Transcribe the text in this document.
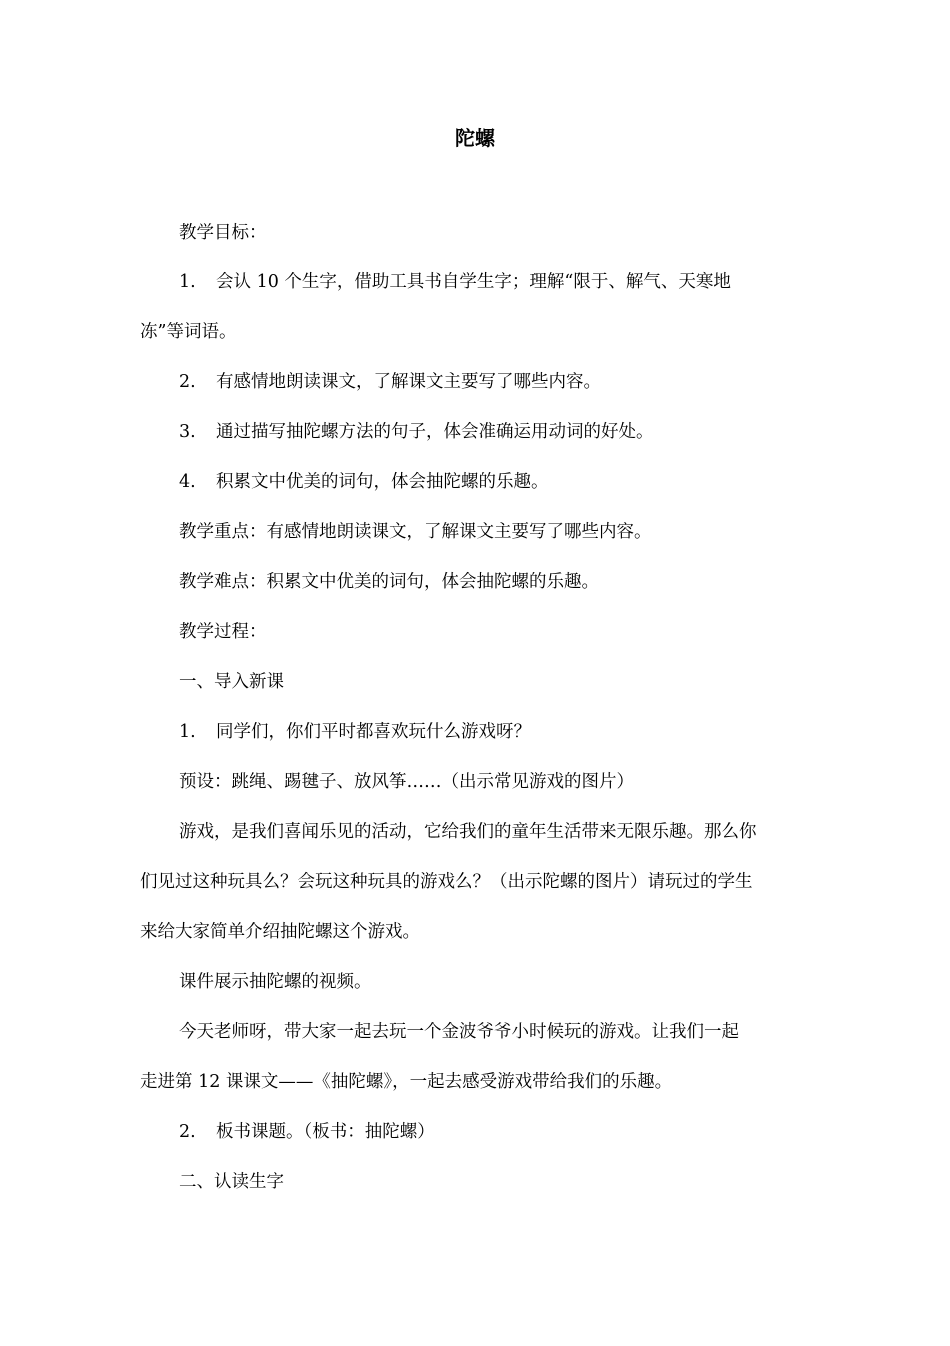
陀螺
教学目标：
1. 会认 10 个生字，借助工具书自学生字；理解“限于、解气、天寒地
冻”等词语。
2. 有感情地朗读课文，了解课文主要写了哪些内容。
3. 通过描写抽陀螺方法的句子，体会准确运用动词的好处。
4. 积累文中优美的词句，体会抽陀螺的乐趣。
教学重点：有感情地朗读课文，了解课文主要写了哪些内容。
教学难点：积累文中优美的词句，体会抽陀螺的乐趣。
教学过程：
一、导入新课
1. 同学们，你们平时都喜欢玩什么游戏呀？
预设：跳绳、踢毽子、放风筝……（出示常见游戏的图片）
游戏，是我们喜闻乐见的活动，它给我们的童年生活带来无限乐趣。那么你
们见过这种玩具么？会玩这种玩具的游戏么？（出示陀螺的图片）请玩过的学生
来给大家简单介绍抽陀螺这个游戏。
课件展示抽陀螺的视频。
今天老师呀，带大家一起去玩一个金波爷爷小时候玩的游戏。让我们一起
走进第 12 课课文——《抽陀螺》，一起去感受游戏带给我们的乐趣。
2. 板书课题。（板书：抽陀螺）
二、认读生字
